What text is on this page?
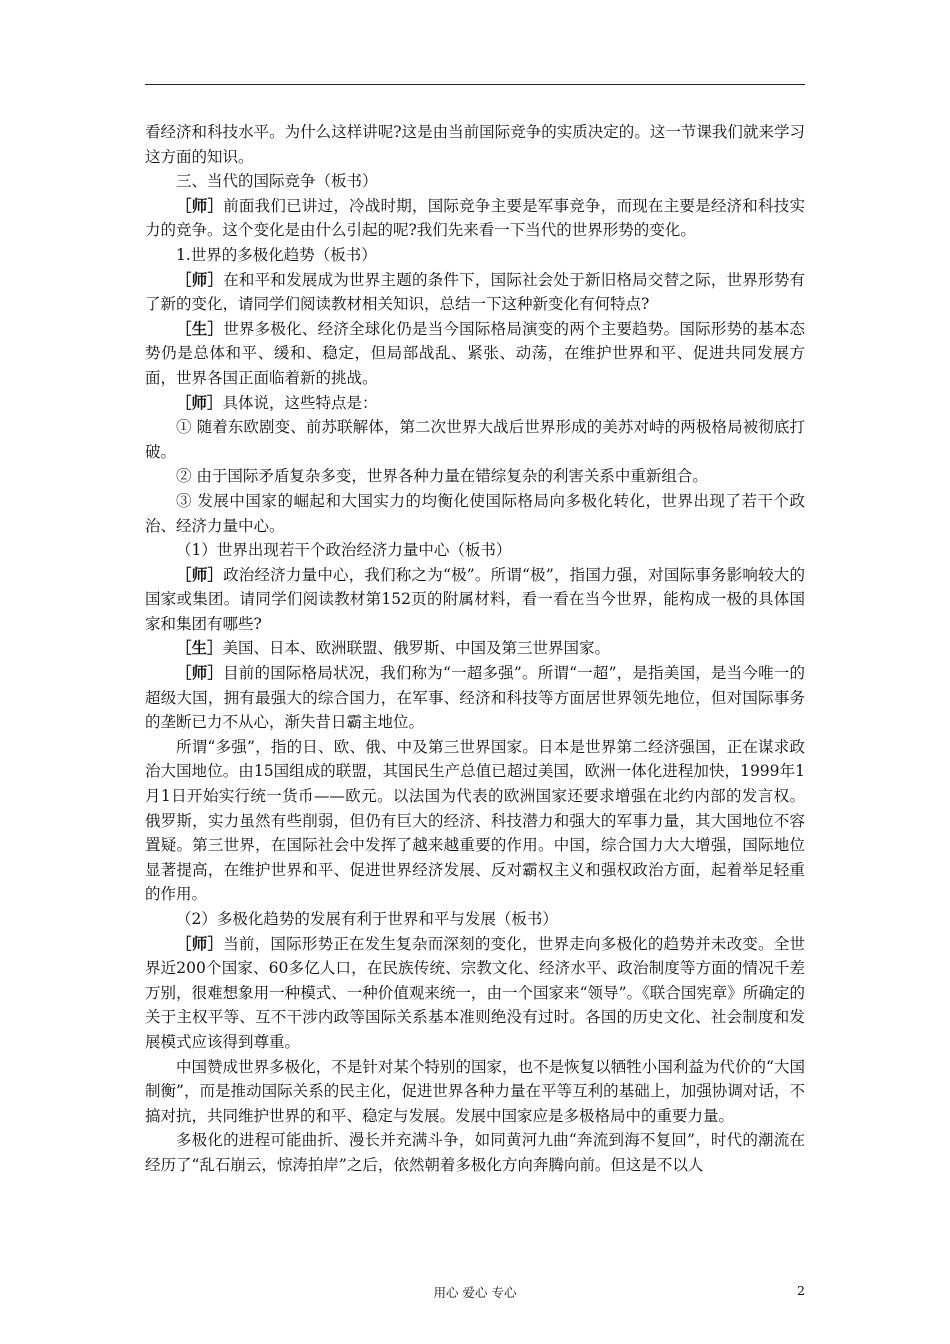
看经济和科技水平。为什么这样讲呢?这是由当前国际竞争的实质决定的。这一节课我们就来学习这方面的知识。

三、当代的国际竞争（板书）

［师］前面我们已讲过，冷战时期，国际竞争主要是军事竞争，而现在主要是经济和科技实力的竞争。这个变化是由什么引起的呢?我们先来看一下当代的世界形势的变化。

1.世界的多极化趋势（板书）

［师］在和平和发展成为世界主题的条件下，国际社会处于新旧格局交替之际，世界形势有了新的变化，请同学们阅读教材相关知识，总结一下这种新变化有何特点?

［生］世界多极化、经济全球化仍是当今国际格局演变的两个主要趋势。国际形势的基本态势仍是总体和平、缓和、稳定，但局部战乱、紧张、动荡，在维护世界和平、促进共同发展方面，世界各国正面临着新的挑战。

［师］具体说，这些特点是：

① 随着东欧剧变、前苏联解体，第二次世界大战后世界形成的美苏对峙的两极格局被彻底打破。

② 由于国际矛盾复杂多变，世界各种力量在错综复杂的利害关系中重新组合。

③ 发展中国家的崛起和大国实力的均衡化使国际格局向多极化转化，世界出现了若干个政治、经济力量中心。

（1）世界出现若干个政治经济力量中心（板书）

［师］政治经济力量中心，我们称之为“极”。所谓“极”，指国力强，对国际事务影响较大的国家或集团。请同学们阅读教材第152页的附属材料，看一看在当今世界，能构成一极的具体国家和集团有哪些?

［生］美国、日本、欧洲联盟、俄罗斯、中国及第三世界国家。

［师］目前的国际格局状况，我们称为“一超多强”。所谓“一超”，是指美国，是当今唯一的超级大国，拥有最强大的综合国力，在军事、经济和科技等方面居世界领先地位，但对国际事务的垄断已力不从心，渐失昔日霸主地位。

所谓“多强”，指的日、欧、俄、中及第三世界国家。日本是世界第二经济强国，正在谋求政治大国地位。由15国组成的联盟，其国民生产总值已超过美国，欧洲一体化进程加快，1999年1月1日开始实行统一货币——欧元。以法国为代表的欧洲国家还要求增强在北约内部的发言权。俄罗斯，实力虽然有些削弱，但仍有巨大的经济、科技潜力和强大的军事力量，其大国地位不容置疑。第三世界，在国际社会中发挥了越来越重要的作用。中国，综合国力大大增强，国际地位显著提高，在维护世界和平、促进世界经济发展、反对霸权主义和强权政治方面，起着举足轻重的作用。

（2）多极化趋势的发展有利于世界和平与发展（板书）

［师］当前，国际形势正在发生复杂而深刻的变化，世界走向多极化的趋势并未改变。全世界近200个国家、60多亿人口，在民族传统、宗教文化、经济水平、政治制度等方面的情况千差万别，很难想象用一种模式、一种价值观来统一，由一个国家来“领导”。《联合国宪章》所确定的关于主权平等、互不干涉内政等国际关系基本准则绝没有过时。各国的历史文化、社会制度和发展模式应该得到尊重。

中国赞成世界多极化，不是针对某个特别的国家，也不是恢复以牺牲小国利益为代价的“大国制衡”，而是推动国际关系的民主化，促进世界各种力量在平等互利的基础上，加强协调对话，不搞对抗，共同维护世界的和平、稳定与发展。发展中国家应是多极格局中的重要力量。

多极化的进程可能曲折、漫长并充满斗争，如同黄河九曲“奔流到海不复回”，时代的潮流在经历了“乱石崩云，惊涛拍岸”之后，依然朝着多极化方向奔腾向前。但这是不以人

用心 爱心 专心	2
